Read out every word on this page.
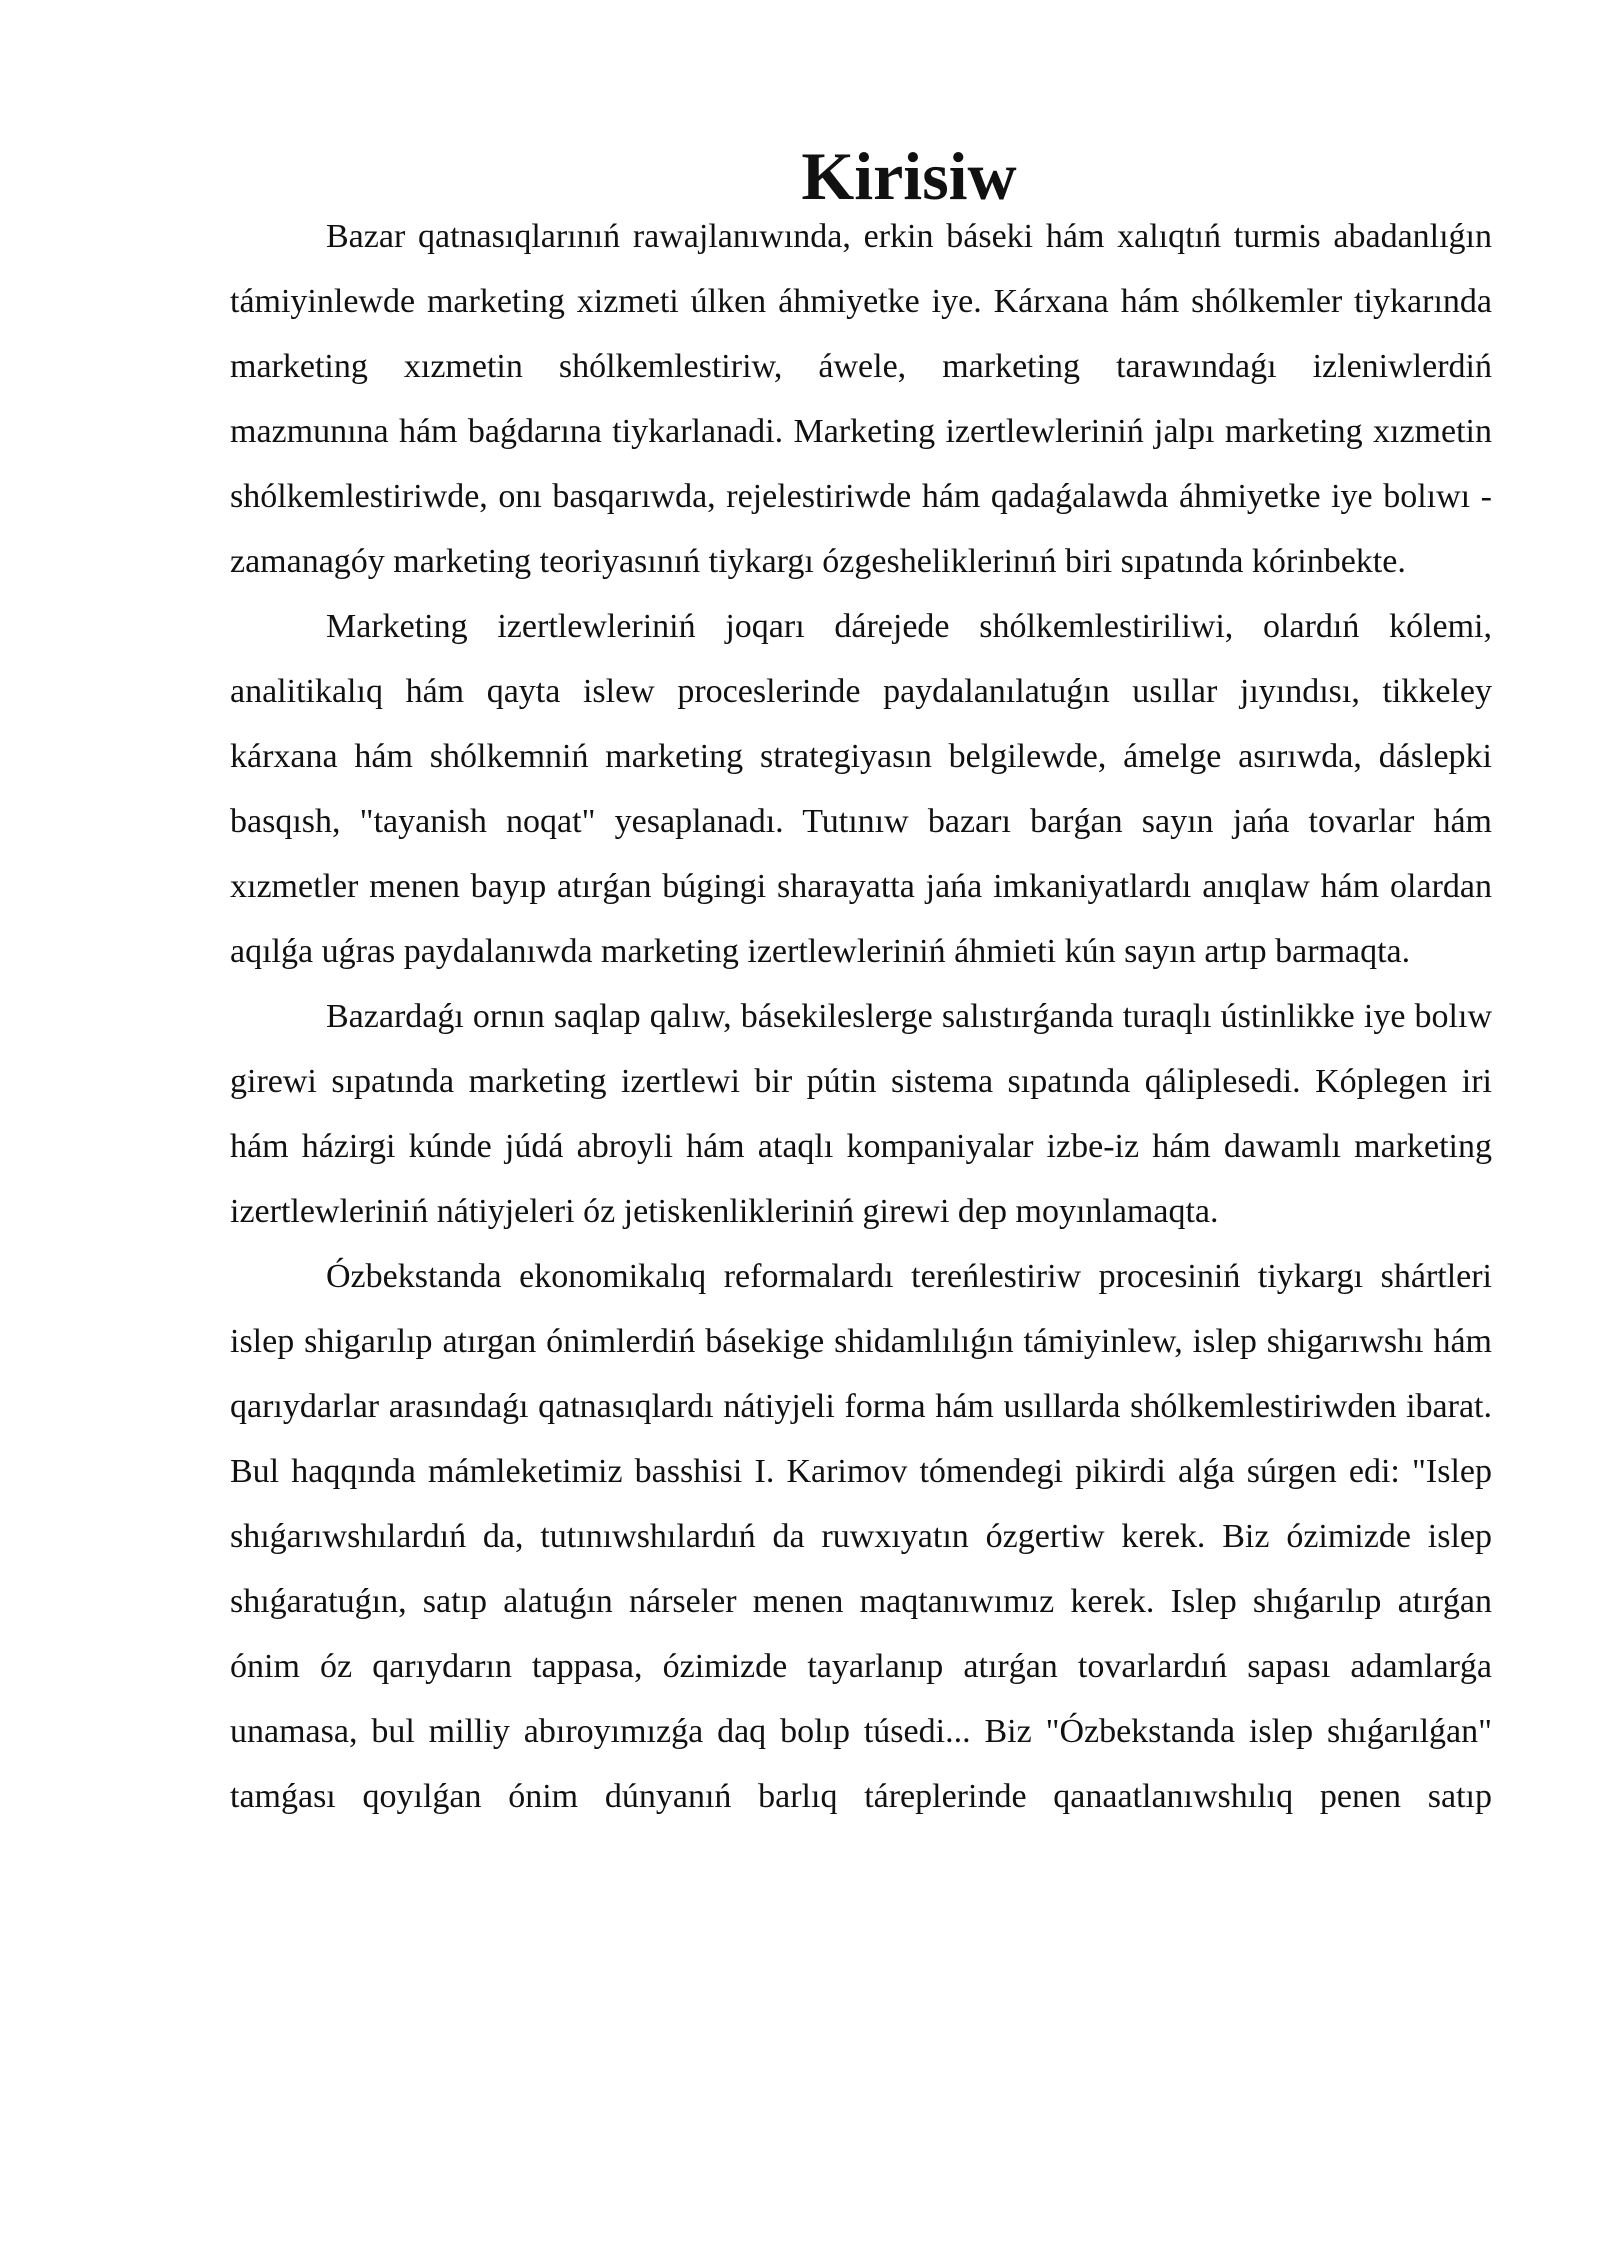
Kirisiw

Bazar qatnasıqlarınıń rawajlanıwında, erkin báseki hám xalıqtıń turmis abadanlıǵın támiyinlewde marketing xizmeti úlken áhmiyetke iye. Kárxana hám shólkemler tiykarında marketing xızmetin shólkemlestiriw, áwele, marketing tarawındaǵı izleniwlerdiń mazmunına hám baǵdarına tiykarlanadi. Marketing izertlewleriniń jalpı marketing xızmetin shólkemlestiriwde, onı basqarıwda, rejelestiriwde hám qadaǵalawda áhmiyetke iye bolıwı - zamanagóy marketing teoriyasınıń tiykargı ózgesheliklerinıń biri sıpatında kórinbekte.

Marketing izertlewleriniń joqarı dárejede shólkemlestiriliwi, olardıń kólemi, analitikalıq hám qayta islew proceslerinde paydalanılatuǵın usıllar jıyındısı, tikkeley kárxana hám shólkemniń marketing strategiyasın belgilewde, ámelge asırıwda, dáslepki basqısh, "tayanish noqat" yesaplanadı. Tutınıw bazarı barǵan sayın jańa tovarlar hám xızmetler menen bayıp atırǵan búgingi sharayatta jańa imkaniyatlardı anıqlaw hám olardan aqılǵa uǵras paydalanıwda marketing izertlewleriniń áhmieti kún sayın artıp barmaqta.

Bazardaǵı ornın saqlap qalıw, básekileslerge salıstırǵanda turaqlı ústinlikke iye bolıw girewi sıpatında marketing izertlewi bir pútin sistema sıpatında qáliplesedi. Kóplegen iri hám házirgi kúnde júdá abroyli hám ataqlı kompaniyalar izbe-iz hám dawamlı marketing izertlewleriniń nátiyjeleri óz jetiskenlikleriniń girewi dep moyınlamaqta.

Ózbekstanda ekonomikalıq reformalardı tereńlestiriw procesiniń tiykargı shártleri islep shigarılıp atırgan ónimlerdiń básekige shidamlılıǵın támiyinlew, islep shigarıwshı hám qarıydarlar arasındaǵı qatnasıqlardı nátiyjeli forma hám usıllarda shólkemlestiriwden ibarat. Bul haqqında mámleketimiz basshisi I. Karimov tómendegi pikirdi alǵa súrgen edi: "Islep shıǵarıwshılardıń da, tutınıwshılardıń da ruwxıyatın ózgertiw kerek. Biz ózimizde islep shıǵaratuǵın, satıp alatuǵın nárseler menen maqtanıwımız kerek. Islep shıǵarılıp atırǵan ónim óz qarıydarın tappasa, ózimizde tayarlanıp atırǵan tovarlardıń sapası adamlarǵa unamasa, bul milliy abıroyımızǵa daq bolıp túsedi... Biz "Ózbekstanda islep shıǵarılǵan" tamǵası qoyılǵan ónim dúnyanıń barlıq táreplerinde qanaatlanıwshılıq penen satıp
